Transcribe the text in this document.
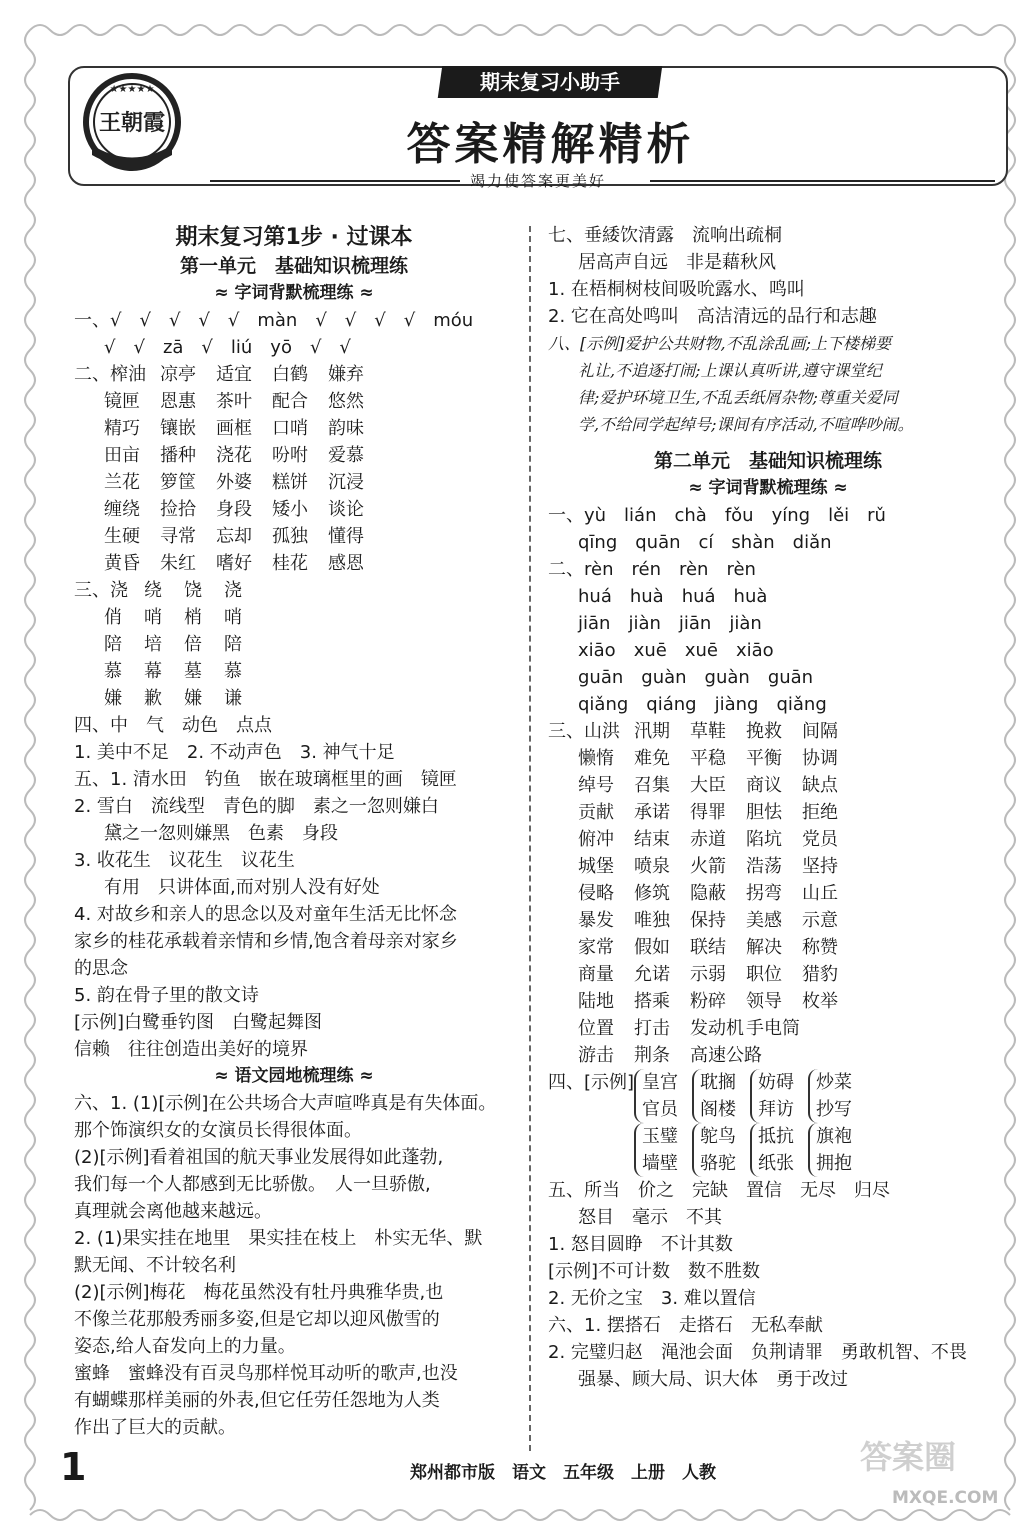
★★★★★
王朝霞
期末复习小助手
答案精解精析
竭力使答案更美好
期末复习第1步 · 过课本
第一单元　基础知识梳理练
≈ 字词背默梳理练 ≈
一、√　√　√　√　√　màn　√　√　√　√　móu
√　√　zā　√　liú　yō　√　√
二、榨油 凉亭 适宜 白鹤 嫌弃
镜匣 恩惠 茶叶 配合 悠然
精巧 镶嵌 画框 口哨 韵味
田亩 播种 浇花 吩咐 爱慕
兰花 箩筐 外婆 糕饼 沉浸
缠绕 捡拾 身段 矮小 谈论
生硬 寻常 忘却 孤独 懂得
黄昏 朱红 嗜好 桂花 感恩
三、浇 绕 饶 浇
俏 哨 梢 哨
陪 培 倍 陪
慕 幕 墓 慕
嫌 歉 嫌 谦
四、中　气　动色　点点
1. 美中不足　2. 不动声色　3. 神气十足
五、1. 清水田　钓鱼　嵌在玻璃框里的画　镜匣
2. 雪白　流线型　青色的脚　素之一忽则嫌白
黛之一忽则嫌黑　色素　身段
3. 收花生　议花生　议花生
有用　只讲体面,而对别人没有好处
4. 对故乡和亲人的思念以及对童年生活无比怀念
家乡的桂花承载着亲情和乡情,饱含着母亲对家乡
的思念
5. 韵在骨子里的散文诗
[示例]白鹭垂钓图　白鹭起舞图
信赖　往往创造出美好的境界
≈ 语文园地梳理练 ≈
六、1. (1)[示例]在公共场合大声喧哗真是有失体面。
那个饰演织女的女演员长得很体面。
(2)[示例]看着祖国的航天事业发展得如此蓬勃,
我们每一个人都感到无比骄傲。　人一旦骄傲,
真理就会离他越来越远。
2. (1)果实挂在地里　果实挂在枝上　朴实无华、默
默无闻、不计较名利
(2)[示例]梅花　梅花虽然没有牡丹典雅华贵,也
不像兰花那般秀丽多姿,但是它却以迎风傲雪的
姿态,给人奋发向上的力量。
蜜蜂　蜜蜂没有百灵鸟那样悦耳动听的歌声,也没
有蝴蝶那样美丽的外表,但它任劳任怨地为人类
作出了巨大的贡献。
七、垂緌饮清露　流响出疏桐
居高声自远　非是藉秋风
1. 在梧桐树枝间吸吮露水、鸣叫
2. 它在高处鸣叫　高洁清远的品行和志趣
八、[示例]爱护公共财物,不乱涂乱画;上下楼梯要
礼让,不追逐打闹;上课认真听讲,遵守课堂纪
律;爱护环境卫生,不乱丢纸屑杂物;尊重关爱同
学,不给同学起绰号;课间有序活动,不喧哗吵闹。
第二单元　基础知识梳理练
≈ 字词背默梳理练 ≈
一、yù　lián　chà　fǒu　yíng　lěi　rǔ
qīng　quān　cí　shàn　diǎn
二、rèn　rén　rèn　rèn
huá　huà　huá　huà
jiān　jiàn　jiān　jiàn
xiāo　xuē　xuē　xiāo
guān　guàn　guàn　guān
qiǎng　qiáng　jiàng　qiǎng
三、山洪 汛期 草鞋 挽救 间隔
懒惰 难免 平稳 平衡 协调
绰号 召集 大臣 商议 缺点
贡献 承诺 得罪 胆怯 拒绝
俯冲 结束 赤道 陷坑 党员
城堡 喷泉 火箭 浩荡 坚持
侵略 修筑 隐蔽 拐弯 山丘
暴发 唯独 保持 美感 示意
家常 假如 联结 解决 称赞
商量 允诺 示弱 职位 猎豹
陆地 搭乘 粉碎 领导 枚举
位置 打击 发动机 手电筒
游击 荆条 高速公路
四、[示例] 皇宫
官员
耽搁
阁楼
妨碍
拜访
炒菜
抄写
玉璧
墙壁
鸵鸟
骆驼
抵抗
纸张
旗袍
拥抱
五、所当　价之　完缺　置信　无尽　归尽
怒目　毫示　不其
1. 怒目圆睁　不计其数
[示例]不可计数　数不胜数
2. 无价之宝　3. 难以置信
六、1. 摆搭石　走搭石　无私奉献
2. 完璧归赵　渑池会面　负荆请罪　勇敢机智、不畏
强暴、顾大局、识大体　勇于改过
1	郑州都市版　语文　五年级　上册　人教	答案圈
MXQE.COM
